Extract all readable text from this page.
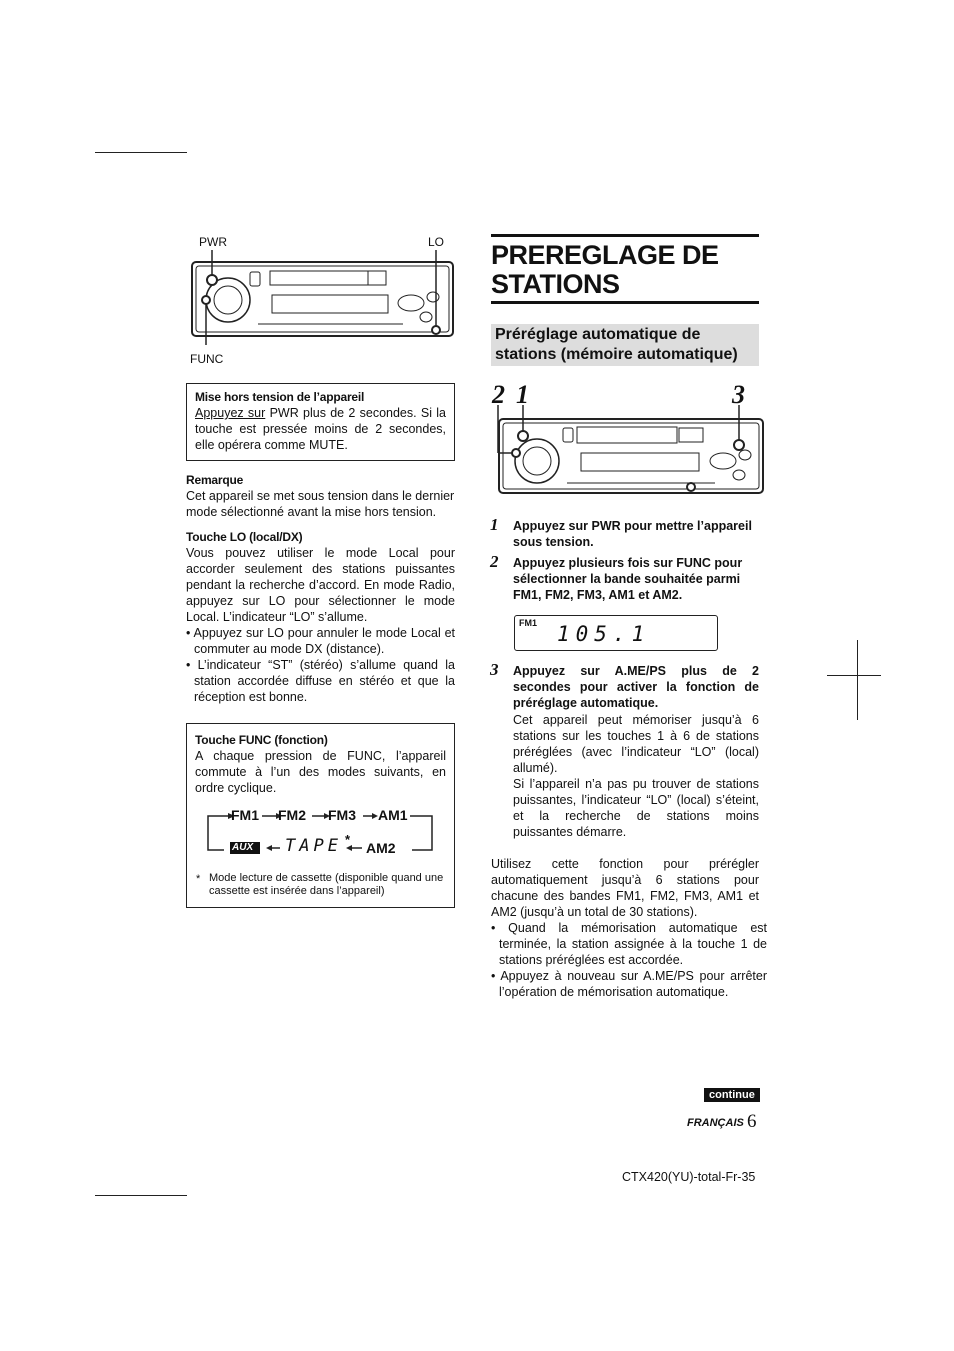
PWR	LO
FUNC
Mise hors tension de l’appareil
Appuyez sur PWR plus de 2 secondes. Si la touche est pressée moins de 2 secondes, elle opérera comme MUTE.
Remarque
Cet appareil se met sous tension dans le dernier mode sélectionné avant la mise hors tension.
Touche LO (local/DX)
Vous pouvez utiliser le mode Local pour accorder seulement des stations puissantes pendant la recherche d’accord. En mode Radio, appuyez sur LO pour sélectionner le mode Local. L’indicateur “LO” s’allume.
• Appuyez sur LO pour annuler le mode Local et commuter au mode DX (distance).
• L’indicateur “ST” (stéréo) s’allume quand la station accordée diffuse en stéréo et que la réception est bonne.
Touche FUNC (fonction)
A chaque pression de FUNC, l’appareil commute à l’un des modes suivants, en ordre cyclique.
FM1 FM2 FM3 AM1
AUX TAPE *
AM2
* Mode lecture de cassette (disponible quand une cassette est insérée dans l’appareil)
PREREGLAGE DE STATIONS
Préréglage automatique de stations (mémoire automatique)
2 1	3
1 Appuyez sur PWR pour mettre l’appareil sous tension.
2 Appuyez plusieurs fois sur FUNC pour sélectionner la bande souhaitée parmi FM1, FM2, FM3, AM1 et AM2.
FM1 105.1
3 Appuyez sur A.ME/PS plus de 2 secondes pour activer la fonction de préréglage automatique.
Cet appareil peut mémoriser jusqu’à 6 stations sur les touches 1 à 6 de stations préréglées (avec l’indicateur “LO” (local) allumé).
Si l’appareil n’a pas pu trouver de stations puissantes, l’indicateur “LO” (local) s’éteint, et la recherche de stations moins puissantes démarre.
Utilisez cette fonction pour prérégler automatiquement jusqu’à 6 stations pour chacune des bandes FM1, FM2, FM3, AM1 et AM2 (jusqu’à un total de 30 stations).
• Quand la mémorisation automatique est terminée, la station assignée à la touche 1 de stations préréglées est accordée.
• Appuyez à nouveau sur A.ME/PS pour arrêter l’opération de mémorisation automatique.
continue
FRANÇAIS 6
CTX420(YU)-total-Fr-35
